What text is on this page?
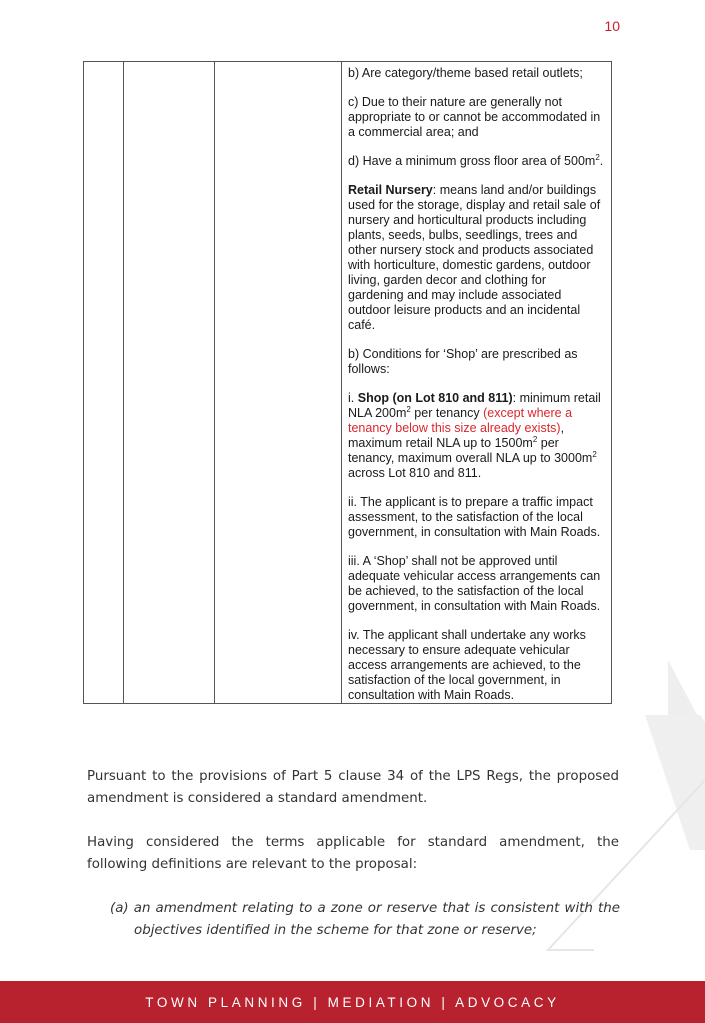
10

b) Are category/theme based retail outlets;

c) Due to their nature are generally not appropriate to or cannot be accommodated in a commercial area; and

d) Have a minimum gross floor area of $500m^2$.

Retail Nursery: means land and/or buildings used for the storage, display and retail sale of nursery and horticultural products including plants, seeds, bulbs, seedlings, trees and other nursery stock and products associated with horticulture, domestic gardens, outdoor living, garden decor and clothing for gardening and may include associated outdoor leisure products and an incidental café.

b) Conditions for ‘Shop’ are prescribed as follows:

i. Shop (on Lot 810 and 811): minimum retail NLA $200m^2$ per tenancy (except where a tenancy below this size already exists), maximum retail NLA up to $1500m^2$ per tenancy, maximum overall NLA up to $3000m^2$ across Lot 810 and 811.

ii. The applicant is to prepare a traffic impact assessment, to the satisfaction of the local government, in consultation with Main Roads.

iii. A ‘Shop’ shall not be approved until adequate vehicular access arrangements can be achieved, to the satisfaction of the local government, in consultation with Main Roads.

iv. The applicant shall undertake any works necessary to ensure adequate vehicular access arrangements are achieved, to the satisfaction of the local government, in consultation with Main Roads.

Pursuant to the provisions of Part 5 clause 34 of the LPS Regs, the proposed amendment is considered a standard amendment.

Having considered the terms applicable for standard amendment, the following definitions are relevant to the proposal:

(a) an amendment relating to a zone or reserve that is consistent with the objectives identified in the scheme for that zone or reserve;

TOWN PLANNING | MEDIATION | ADVOCACY
